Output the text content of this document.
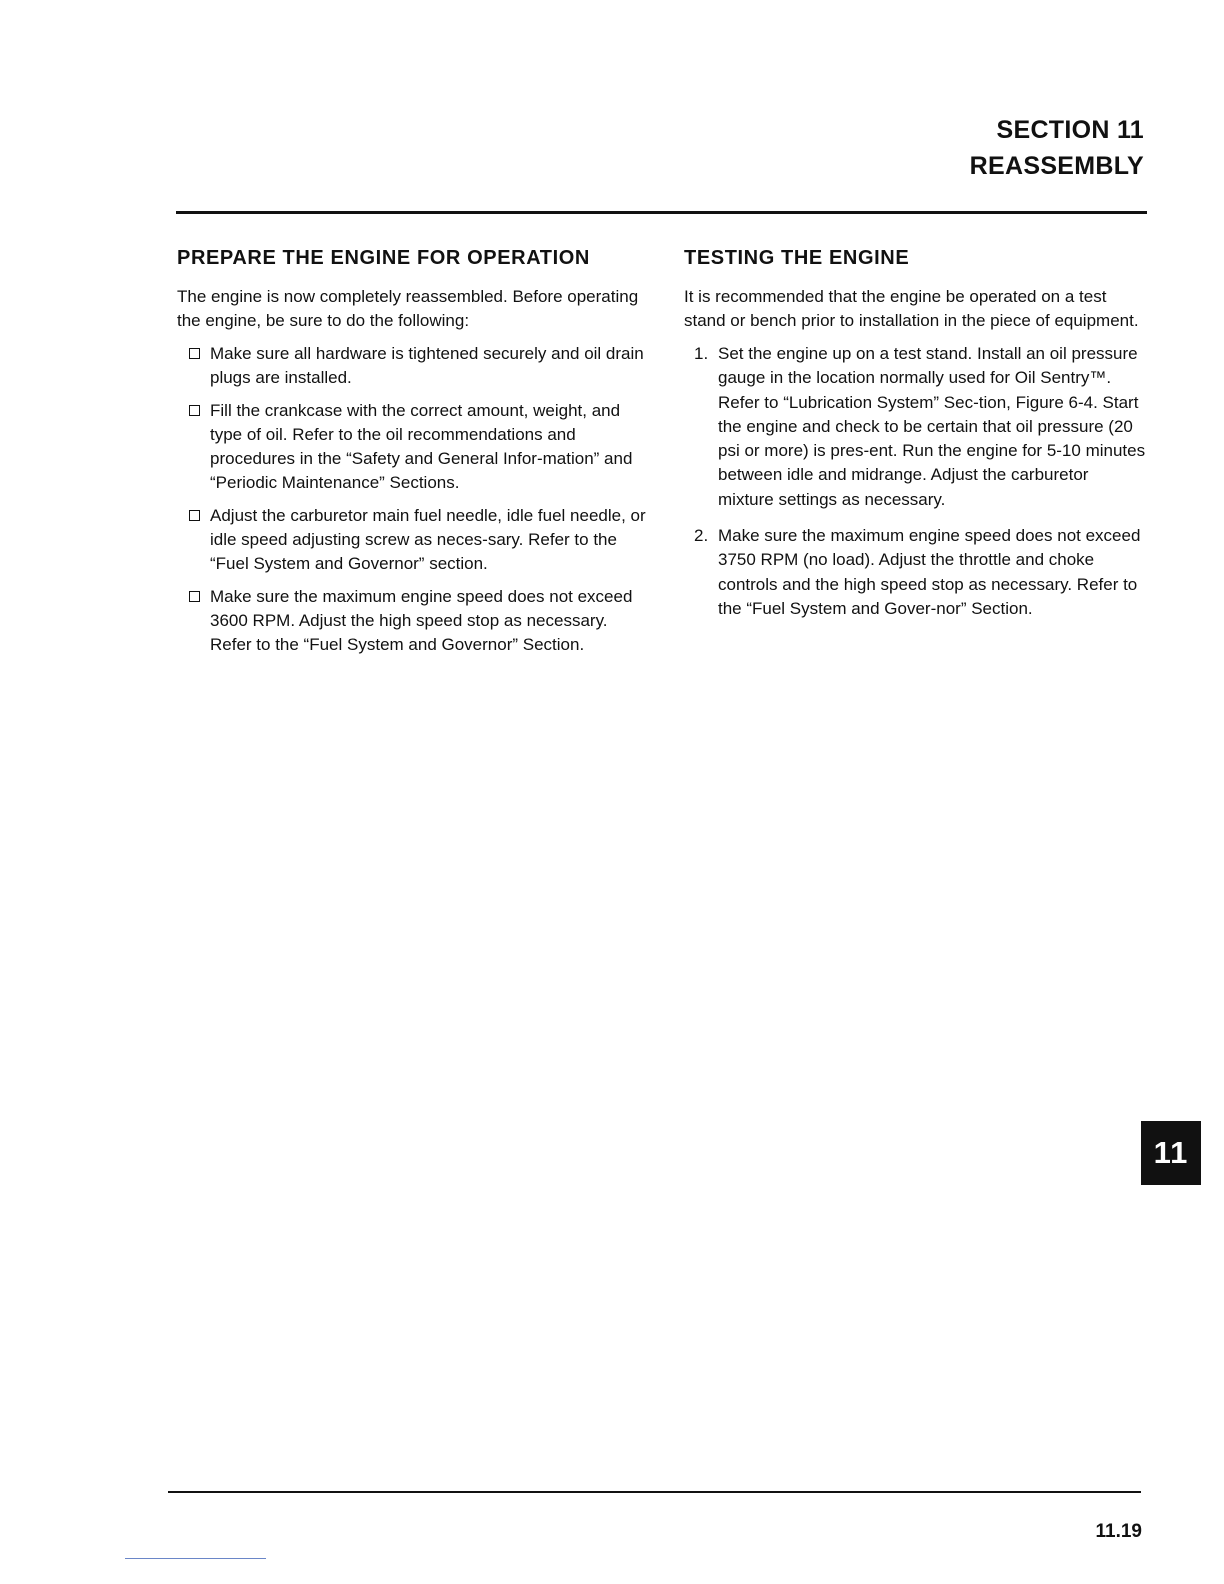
SECTION 11
REASSEMBLY
PREPARE THE ENGINE FOR OPERATION

The engine is now completely reassembled. Before operating the engine, be sure to do the following:

Make sure all hardware is tightened securely and oil drain plugs are installed.
Fill the crankcase with the correct amount, weight, and type of oil. Refer to the oil recommendations and procedures in the “Safety and General Infor-mation” and “Periodic Maintenance” Sections.
Adjust the carburetor main fuel needle, idle fuel needle, or idle speed adjusting screw as neces-sary. Refer to the “Fuel System and Governor” section.
Make sure the maximum engine speed does not exceed 3600 RPM. Adjust the high speed stop as necessary. Refer to the “Fuel System and Governor” Section.
TESTING THE ENGINE

It is recommended that the engine be operated on a test stand or bench prior to installation in the piece of equipment.

1. Set the engine up on a test stand. Install an oil pressure gauge in the location normally used for Oil Sentry™. Refer to “Lubrication System” Sec-tion, Figure 6-4. Start the engine and check to be certain that oil pressure (20 psi or more) is pres-ent. Run the engine for 5-10 minutes between idle and midrange. Adjust the carburetor mixture settings as necessary.
2. Make sure the maximum engine speed does not exceed 3750 RPM (no load). Adjust the throttle and choke controls and the high speed stop as necessary. Refer to the “Fuel System and Gover-nor” Section.
11
11.19
